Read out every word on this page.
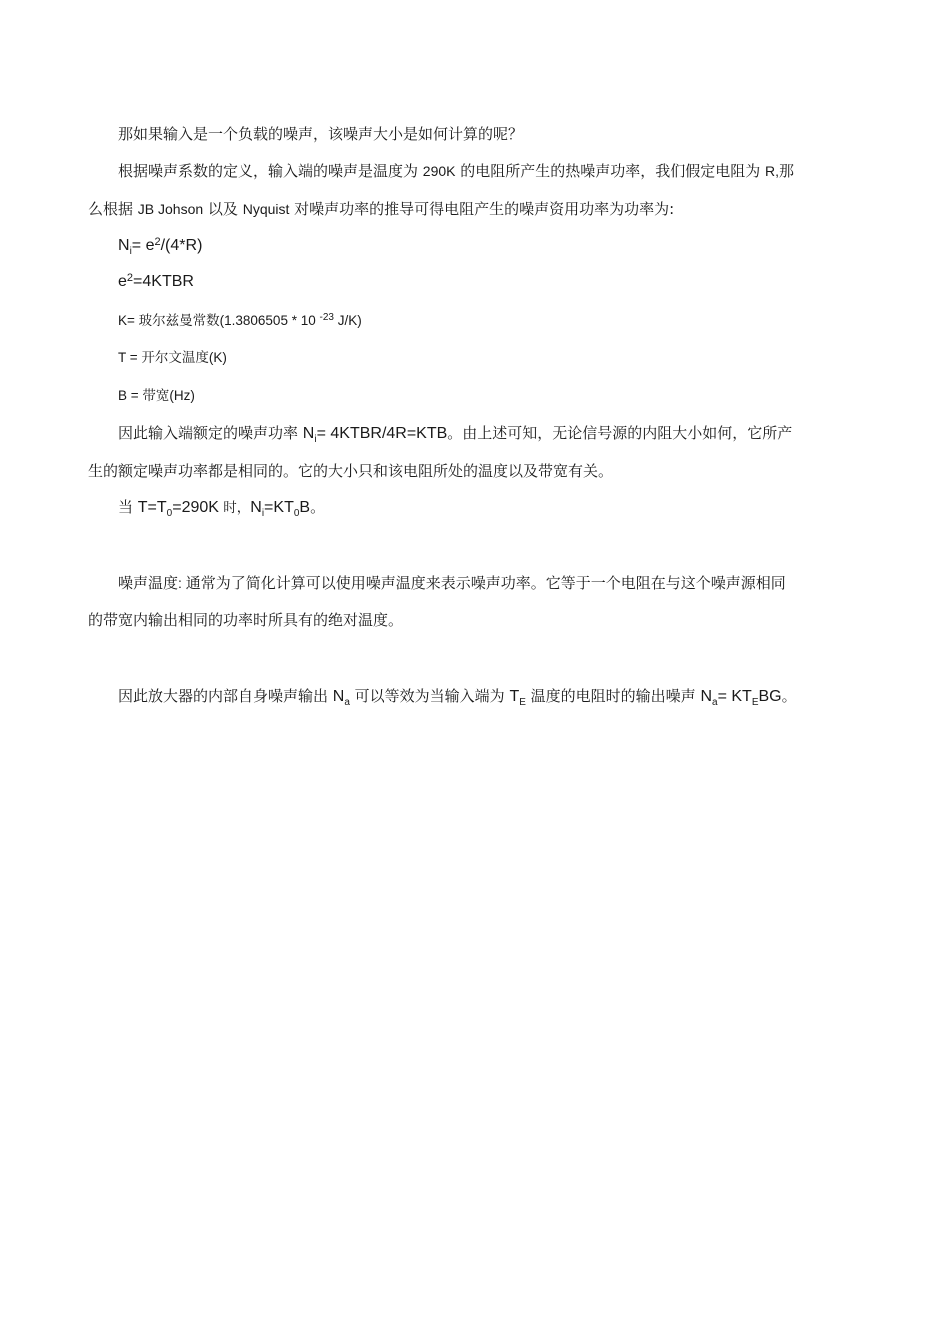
那如果输入是一个负载的噪声，该噪声大小是如何计算的呢？
根据噪声系数的定义，输入端的噪声是温度为 290K 的电阻所产生的热噪声功率，我们假定电阻为 R,那
么根据 JB Johson 以及 Nyquist 对噪声功率的推导可得电阻产生的噪声资用功率为功率为:
$N_i= e^2/(4*R)$
$e^2=4KTBR$
K= 玻尔兹曼常数(1.3806505 * 10 $^{-23}$ J/K)
T = 开尔文温度(K)
B = 带宽(Hz)
因此输入端额定的噪声功率 $N_i=$ 4KTBR/4R=KTB。由上述可知，无论信号源的内阻大小如何，它所产
生的额定噪声功率都是相同的。它的大小只和该电阻所处的温度以及带宽有关。
当 $T=T_0=290K$ 时，$N_i=KT_0B$。
噪声温度: 通常为了简化计算可以使用噪声温度来表示噪声功率。它等于一个电阻在与这个噪声源相同
的带宽内输出相同的功率时所具有的绝对温度。
因此放大器的内部自身噪声输出 $N_a$ 可以等效为当输入端为 $T_E$ 温度的电阻时的输出噪声 $N_a= KT_EBG$。
